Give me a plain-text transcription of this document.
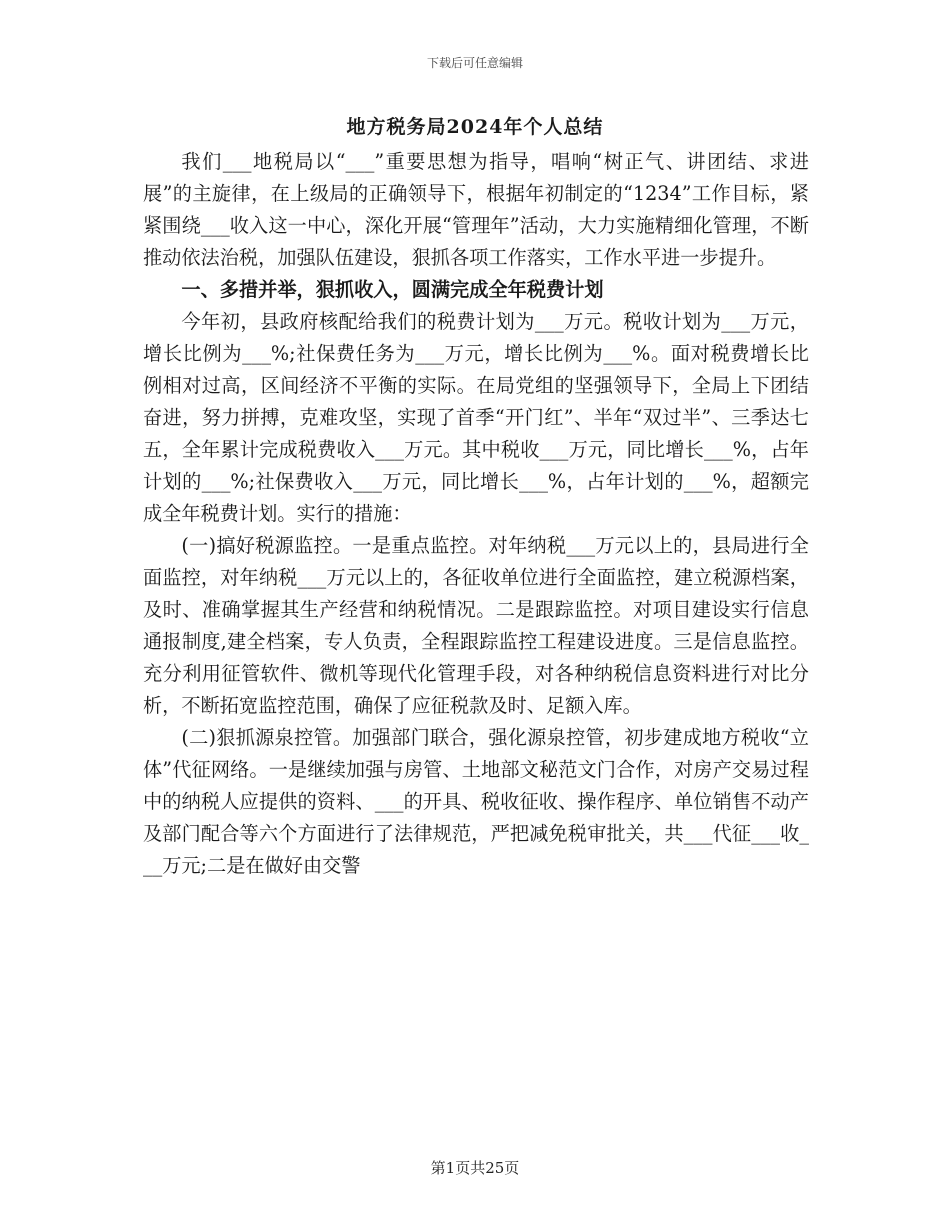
下载后可任意编辑
地方税务局2024年个人总结

我们___地税局以“___”重要思想为指导，唱响“树正气、讲团结、求进展”的主旋律，在上级局的正确领导下，根据年初制定的“1234”工作目标，紧紧围绕___收入这一中心，深化开展“管理年”活动，大力实施精细化管理，不断推动依法治税，加强队伍建设，狠抓各项工作落实，工作水平进一步提升。

一、多措并举，狠抓收入，圆满完成全年税费计划

今年初，县政府核配给我们的税费计划为___万元。税收计划为___万元，增长比例为___%;社保费任务为___万元，增长比例为___%。面对税费增长比例相对过高，区间经济不平衡的实际。在局党组的坚强领导下，全局上下团结奋进，努力拼搏，克难攻坚，实现了首季“开门红”、半年“双过半”、三季达七五，全年累计完成税费收入___万元。其中税收___万元，同比增长___%，占年计划的___%;社保费收入___万元，同比增长___%，占年计划的___%，超额完成全年税费计划。实行的措施：

(一)搞好税源监控。一是重点监控。对年纳税___万元以上的，县局进行全面监控，对年纳税___万元以上的，各征收单位进行全面监控，建立税源档案，及时、准确掌握其生产经营和纳税情况。二是跟踪监控。对项目建设实行信息通报制度,建全档案，专人负责，全程跟踪监控工程建设进度。三是信息监控。充分利用征管软件、微机等现代化管理手段，对各种纳税信息资料进行对比分析，不断拓宽监控范围，确保了应征税款及时、足额入库。

(二)狠抓源泉控管。加强部门联合，强化源泉控管，初步建成地方税收“立体”代征网络。一是继续加强与房管、土地部文秘范文门合作，对房产交易过程中的纳税人应提供的资料、___的开具、税收征收、操作程序、单位销售不动产及部门配合等六个方面进行了法律规范，严把减免税审批关，共___代征___收___万元;二是在做好由交警

第1页共25页
